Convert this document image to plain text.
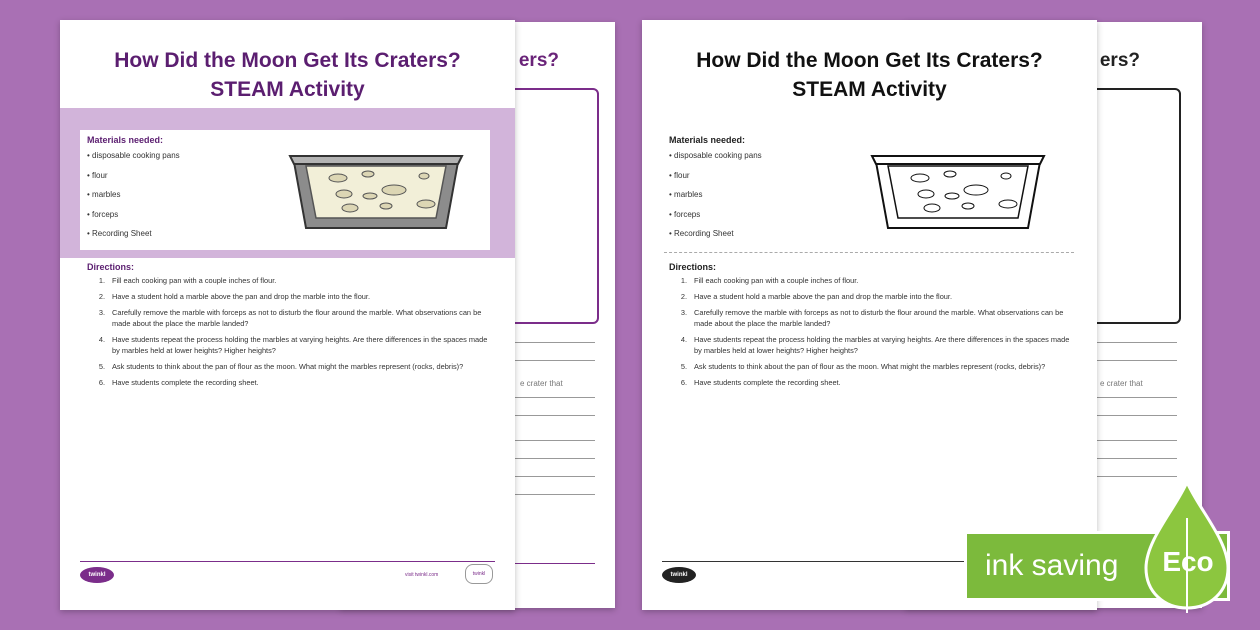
ers?
e crater that
ers?
e crater that
How Did the Moon Get Its Craters?
STEAM Activity
Materials needed:
• disposable cooking pans
• flour
• marbles
• forceps
• Recording Sheet
Directions:
1. Fill each cooking pan with a couple inches of flour.
2. Have a student hold a marble above the pan and drop the marble into the flour.
3. Carefully remove the marble with forceps as not to disturb the flour around the marble. What observations can be made about the place the marble landed?
4. Have students repeat the process holding the marbles at varying heights. Are there differences in the spaces made by marbles held at lower heights? Higher heights?
5. Ask students to think about the pan of flour as the moon. What might the marbles represent (rocks, debris)?
6. Have students complete the recording sheet.
twinkl	visit twinkl.com	twinkl
How Did the Moon Get Its Craters?
STEAM Activity
Materials needed:
• disposable cooking pans
• flour
• marbles
• forceps
• Recording Sheet
Directions:
1. Fill each cooking pan with a couple inches of flour.
2. Have a student hold a marble above the pan and drop the marble into the flour.
3. Carefully remove the marble with forceps as not to disturb the flour around the marble. What observations can be made about the place the marble landed?
4. Have students repeat the process holding the marbles at varying heights. Are there differences in the spaces made by marbles held at lower heights? Higher heights?
5. Ask students to think about the pan of flour as the moon. What might the marbles represent (rocks, debris)?
6. Have students complete the recording sheet.
twinkl	ink saving Eco
